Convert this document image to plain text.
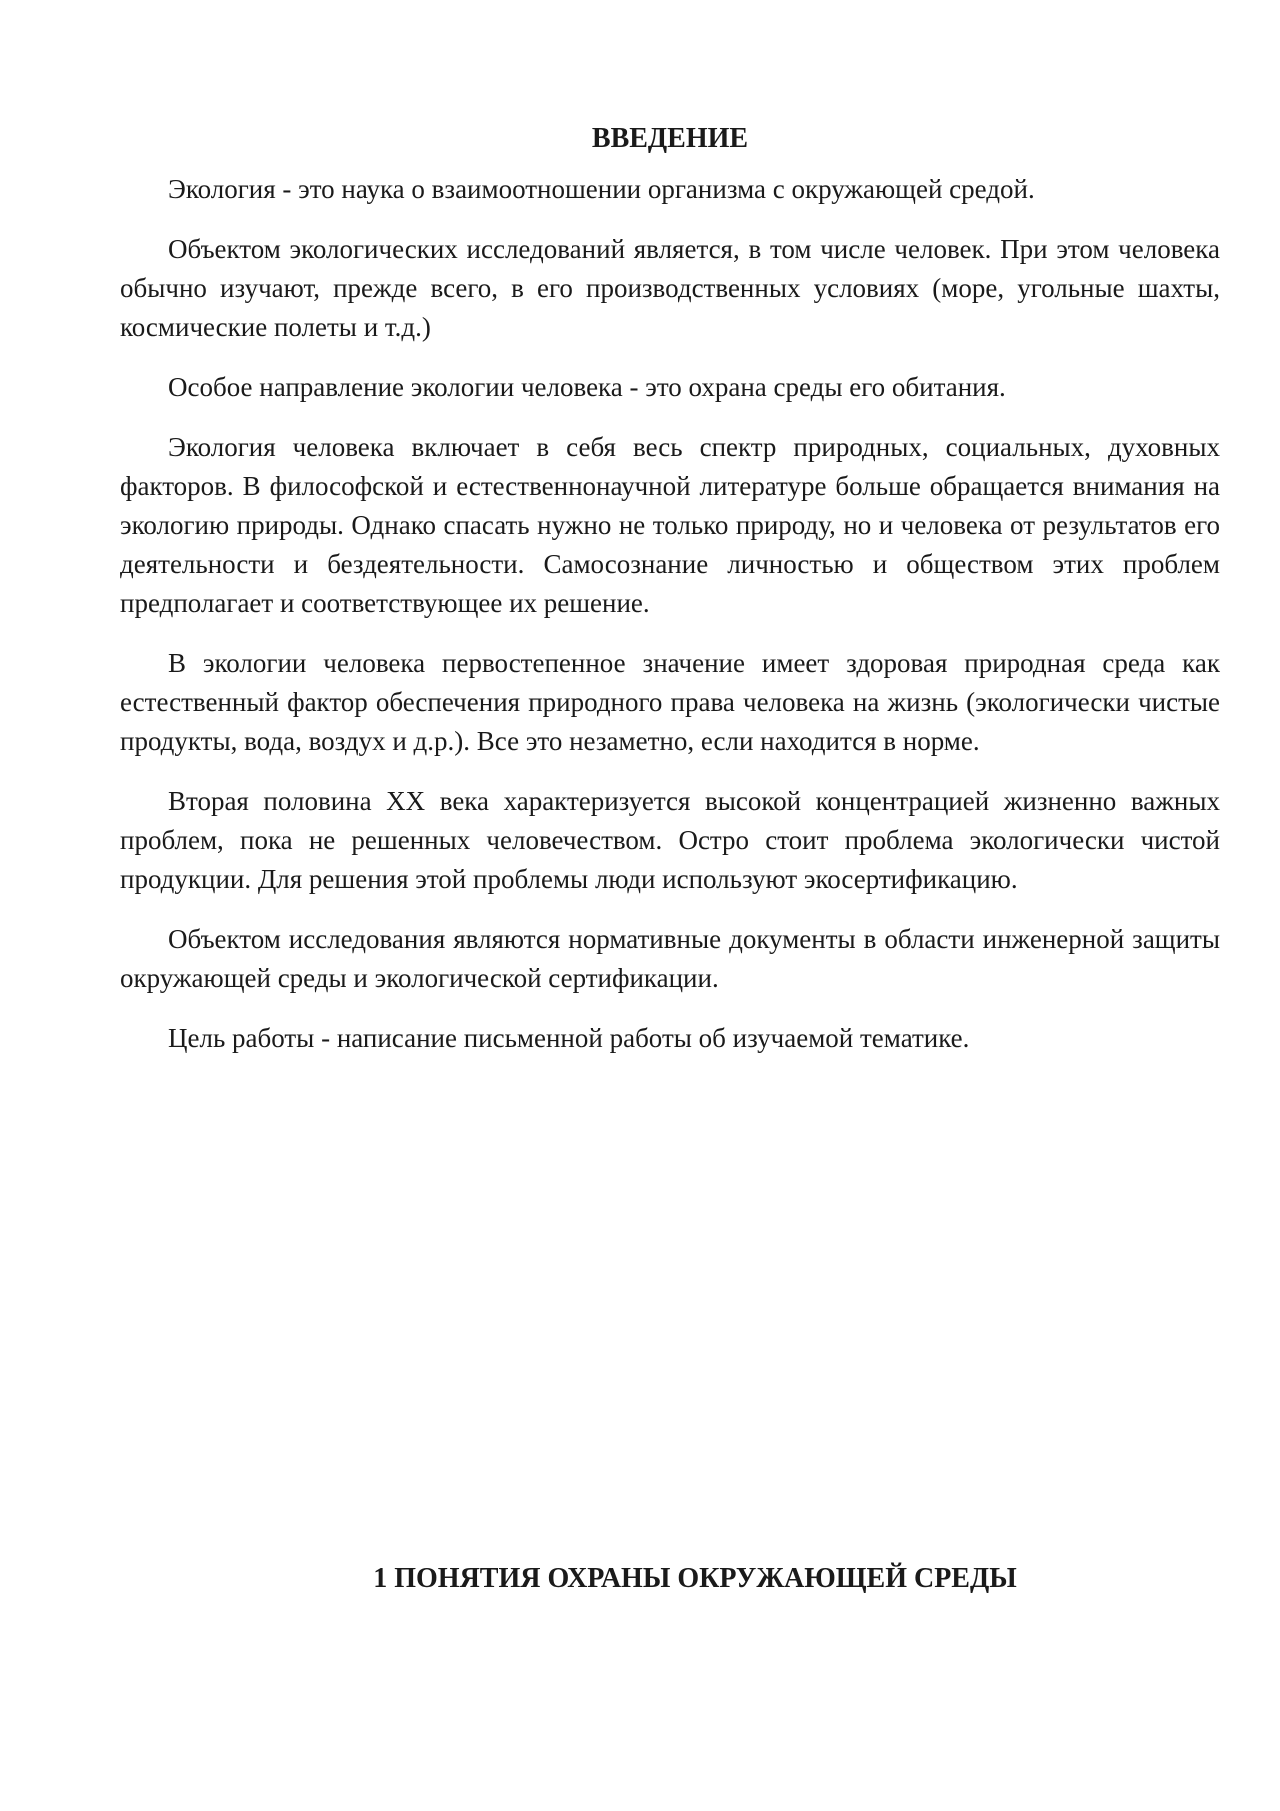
ВВЕДЕНИЕ

Экология - это наука о взаимоотношении организма с окружающей средой.

Объектом экологических исследований является, в том числе человек. При этом человека обычно изучают, прежде всего, в его производственных условиях (море, угольные шахты, космические полеты и т.д.)

Особое направление экологии человека - это охрана среды его обитания.

Экология человека включает в себя весь спектр природных, социальных, духовных факторов. В философской и естественнонаучной литературе больше обращается внимания на экологию природы. Однако спасать нужно не только природу, но и человека от результатов его деятельности и бездеятельности. Самосознание личностью и обществом этих проблем предполагает и соответствующее их решение.

В экологии человека первостепенное значение имеет здоровая природная среда как естественный фактор обеспечения природного права человека на жизнь (экологически чистые продукты, вода, воздух и д.р.). Все это незаметно, если находится в норме.

Вторая половина XX века характеризуется высокой концентрацией жизненно важных проблем, пока не решенных человечеством. Остро стоит проблема экологически чистой продукции. Для решения этой проблемы люди используют экосертификацию.

Объектом исследования являются нормативные документы в области инженерной защиты окружающей среды и экологической сертификации.

Цель работы - написание письменной работы об изучаемой тематике.

1 ПОНЯТИЯ ОХРАНЫ ОКРУЖАЮЩЕЙ СРЕДЫ
